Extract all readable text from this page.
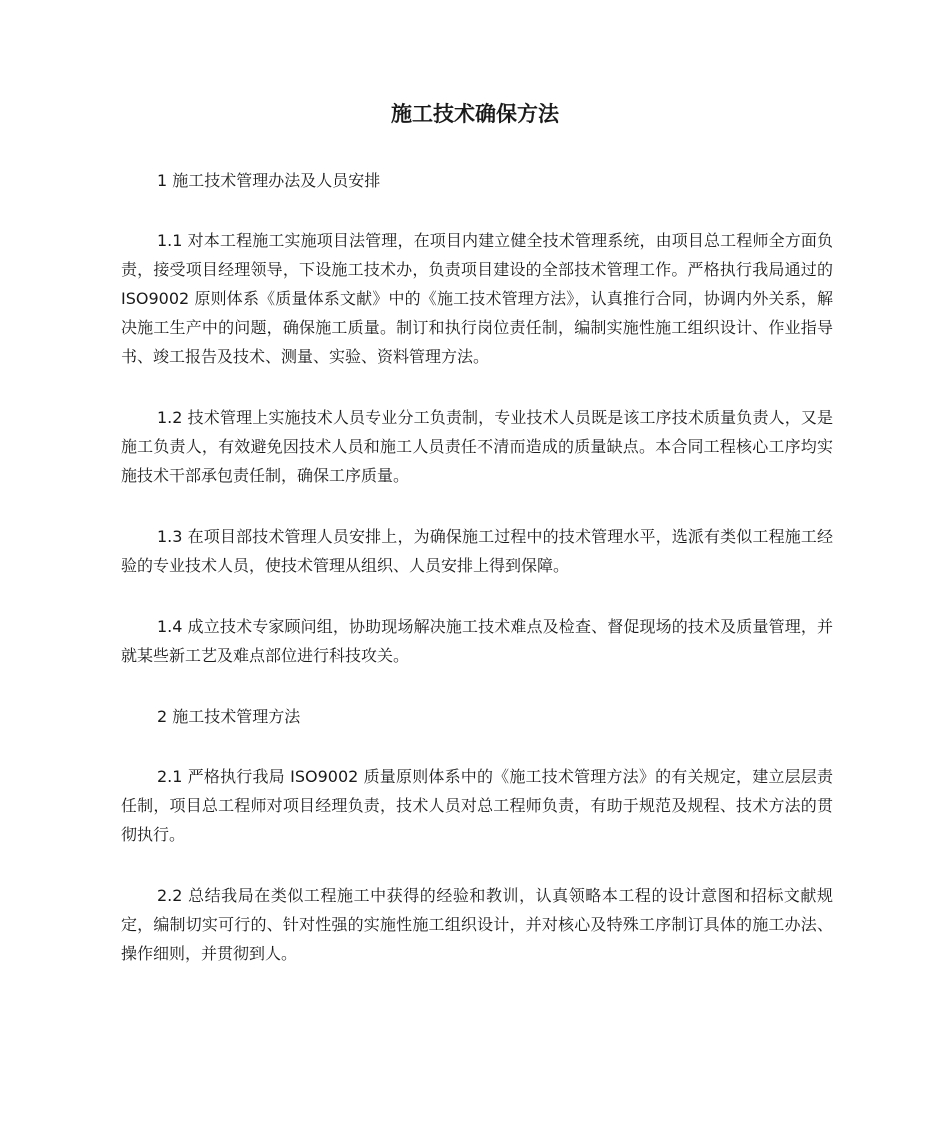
施工技术确保方法

1 施工技术管理办法及人员安排

1.1 对本工程施工实施项目法管理，在项目内建立健全技术管理系统，由项目总工程师全方面负责，接受项目经理领导，下设施工技术办，负责项目建设的全部技术管理工作。严格执行我局通过的 ISO9002 原则体系《质量体系文献》中的《施工技术管理方法》，认真推行合同，协调内外关系，解决施工生产中的问题，确保施工质量。制订和执行岗位责任制，编制实施性施工组织设计、作业指导书、竣工报告及技术、测量、实验、资料管理方法。

1.2 技术管理上实施技术人员专业分工负责制，专业技术人员既是该工序技术质量负责人，又是施工负责人，有效避免因技术人员和施工人员责任不清而造成的质量缺点。本合同工程核心工序均实施技术干部承包责任制，确保工序质量。

1.3 在项目部技术管理人员安排上，为确保施工过程中的技术管理水平，选派有类似工程施工经验的专业技术人员，使技术管理从组织、人员安排上得到保障。

1.4 成立技术专家顾问组，协助现场解决施工技术难点及检查、督促现场的技术及质量管理，并就某些新工艺及难点部位进行科技攻关。

2 施工技术管理方法

2.1 严格执行我局 ISO9002 质量原则体系中的《施工技术管理方法》的有关规定，建立层层责任制，项目总工程师对项目经理负责，技术人员对总工程师负责，有助于规范及规程、技术方法的贯彻执行。

2.2 总结我局在类似工程施工中获得的经验和教训，认真领略本工程的设计意图和招标文献规定，编制切实可行的、针对性强的实施性施工组织设计，并对核心及特殊工序制订具体的施工办法、操作细则，并贯彻到人。
